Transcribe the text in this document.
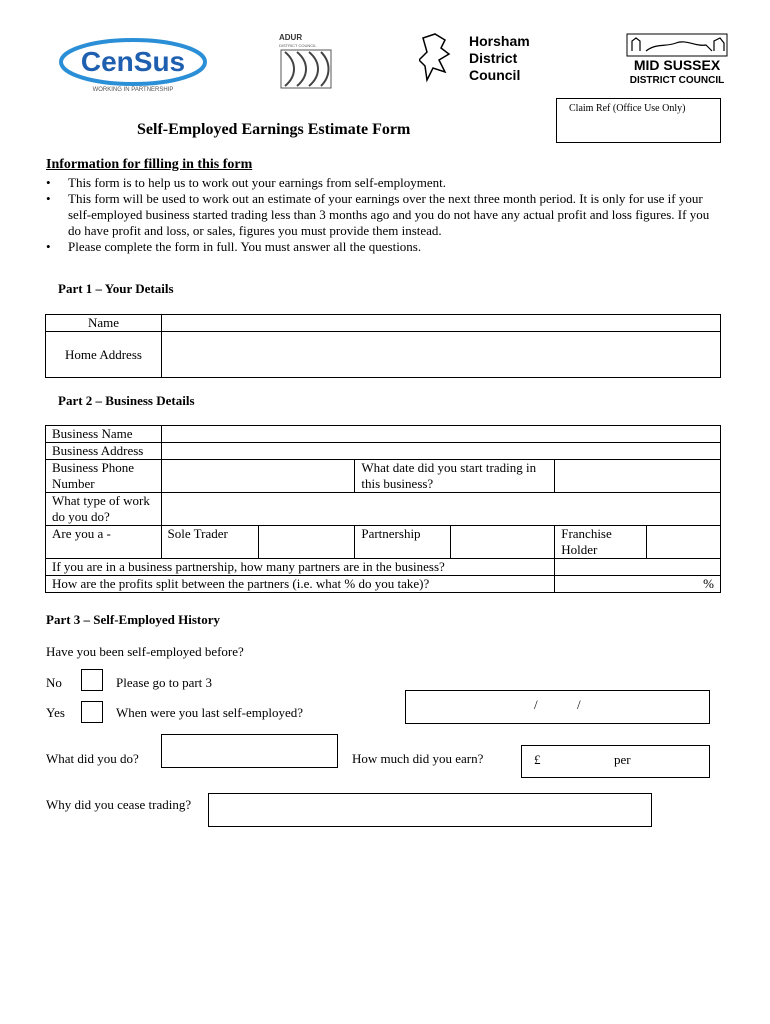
CenSus
WORKING IN PARTNERSHIP
ADUR
DISTRICT COUNCIL	Horsham
District
Council
MID SUSSEX
DISTRICT COUNCIL
Claim Ref (Office Use Only)
Self-Employed Earnings Estimate Form
Information for filling in this form
• This form is to help us to work out your earnings from self-employment.
• This form will be used to work out an estimate of your earnings over the next three month period. It is only for use if your self-employed business started trading less than 3 months ago and you do not have any actual profit and loss figures. If you do have profit and loss, or sales, figures you must provide them instead.
• Please complete the form in full. You must answer all the questions.
Part 1 – Your Details
Name	
Home Address	
Part 2 – Business Details
Business Name						
Business Address						
Business Phone Number			What date did you start trading in this business?			
What type of work do you do?						
Are you a -	Sole Trader		Partnership		Franchise Holder	
If you are in a business partnership, how many partners are in the business?						
How are the profits split between the partners (i.e. what % do you take)?					%	
Part 3 – Self-Employed History
Have you been self-employed before?
No	Please go to part 3
Yes	When were you last self-employed?
/	/
What did you do?	How much did you earn?	£	per
Why did you cease trading?
